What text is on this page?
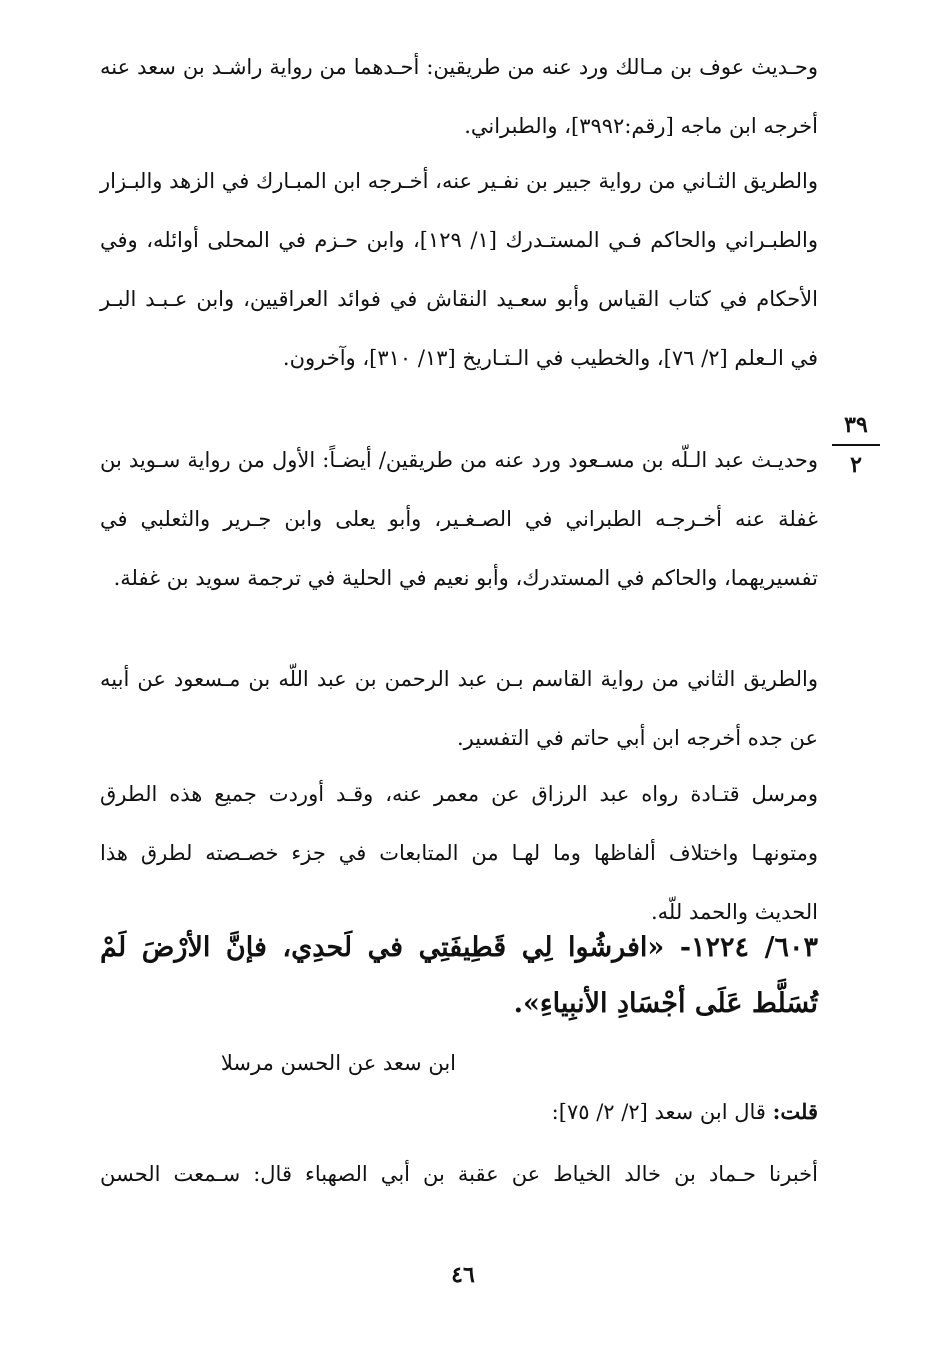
وحـديث عوف بن مـالك ورد عنه من طريقين: أحـدهما من رواية راشـد بن سعد عنه أخرجه ابن ماجه [رقم:٣٩٩٢]، والطبراني.

والطريق الثـاني من رواية جبير بن نفـير عنه، أخـرجه ابن المبـارك في الزهد والبـزار والطبـراني والحاكم فـي المستـدرك [١/ ١٢٩]، وابن حـزم في المحلى أوائله، وفي الأحكام في كتاب القياس وأبو سعـيد النقاش في فوائد العراقيين، وابن عـبـد البـر في الـعلم [٢/ ٧٦]، والخطيب في الـتـاريخ [١٣/ ٣١٠]، وآخرون.

٣٩
٢

وحديـث عبد الـلّه بن مسـعود ورد عنه من طريقين/ أيضـاً: الأول من رواية سـويد بن غفلة عنه أخـرجـه الطبراني في الصـغـير، وأبو يعلى وابن جـرير والثعلبي في تفسيريهما، والحاكم في المستدرك، وأبو نعيم في الحلية في ترجمة سويد بن غفلة.

والطريق الثاني من رواية القاسم بـن عبد الرحمن بن عبد اللّه بن مـسعود عن أبيه عن جده أخرجه ابن أبي حاتم في التفسير.

ومرسل قتـادة رواه عبد الرزاق عن معمر عنه، وقـد أوردت جميع هذه الطرق ومتونهـا واختلاف ألفاظها وما لهـا من المتابعات في جزء خصـصته لطرق هذا الحديث والحمد للّه.

٦٠٣/ ١٢٢٤- «افرشُوا لِي قَطِيفَتِي في لَحدِي، فإنَّ الأرْضَ لَمْ تُسَلَّط عَلَى أجْسَادِ الأنبِياءِ».

ابن سعد عن الحسن مرسلا

قلت: قال ابن سعد [٢/ ٢/ ٧٥]:

أخبرنا حـماد بن خالد الخياط عن عقبة بن أبي الصهباء قال: سـمعت الحسن

٤٦
